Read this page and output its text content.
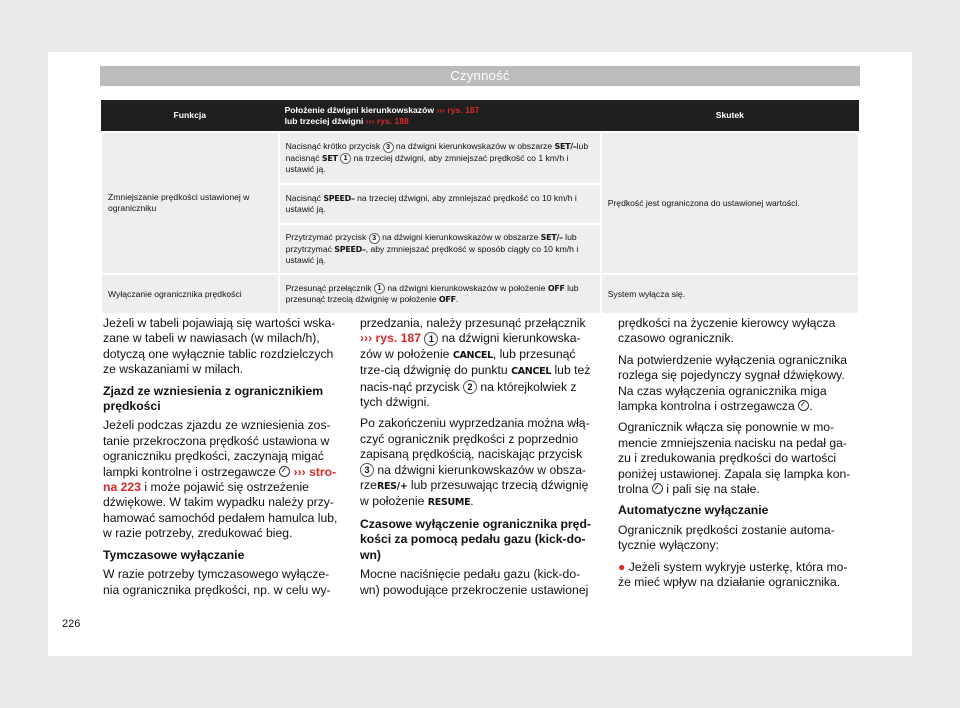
Czynność
Funkcja	Położenie dźwigni kierunkowskazów ››› rys. 187
lub trzeciej dźwigni ››› rys. 188	Skutek
Zmniejszanie prędkości ustawionej w ograniczniku	Nacisnąć krótko przycisk 3 na dźwigni kierunkowskazów w obszarze SET/–lub nacisnąć SET 1 na trzeciej dźwigni, aby zmniejszać prędkość co 1 km/h i ustawić ją.	Prędkość jest ograniczona do ustawionej wartości.
	Nacisnąć SPEED– na trzeciej dźwigni, aby zmniejszać prędkość co 10 km/h i ustawić ją.	
	Przytrzymać przycisk 3 na dźwigni kierunkowskazów w obszarze SET/– lub przytrzymać SPEED–, aby zmniejszać prędkość w sposób ciągły co 10 km/h i ustawić ją.	
Wyłączanie ogranicznika prędkości	Przesunąć przełącznik 1 na dźwigni kierunkowskazów w położenie OFF lub przesunąć trzecią dźwignię w położenie OFF.	System wyłącza się.

Jeżeli w tabeli pojawiają się wartości wska-zane w tabeli w nawiasach (w milach/h), dotyczą one wyłącznie tablic rozdzielczych ze wskazaniami w milach.

Zjazd ze wzniesienia z ogranicznikiem prędkości

Jeżeli podczas zjazdu ze wzniesienia zos-tanie przekroczona prędkość ustawiona w ograniczniku prędkości, zaczynają migać lampki kontrolne i ostrzegawcze ››› stro-na 223 i może pojawić się ostrzeżenie dźwiękowe. W takim wypadku należy przy-hamować samochód pedałem hamulca lub, w razie potrzeby, zredukować bieg.

Tymczasowe wyłączanie

W razie potrzeby tymczasowego wyłącze-nia ogranicznika prędkości, np. w celu wy-

przedzania, należy przesunąć przełącznik ››› rys. 187 1 na dźwigni kierunkowska-zów w położenie CANCEL, lub przesunąć trze-cią dźwignię do punktu CANCEL lub też nacis-nąć przycisk 2 na którejkolwiek z tych dźwigni.

Po zakończeniu wyprzedzania można włą-czyć ogranicznik prędkości z poprzednio zapisaną prędkością, naciskając przycisk 3 na dźwigni kierunkowskazów w obsza-rzeRES/+ lub przesuwając trzecią dźwignię w położenie RESUME.

Czasowe wyłączenie ogranicznika pręd-kości za pomocą pedału gazu (kick-do-wn)

Mocne naciśnięcie pedału gazu (kick-do-wn) powodujące przekroczenie ustawionej

prędkości na życzenie kierowcy wyłącza czasowo ogranicznik.

Na potwierdzenie wyłączenia ogranicznika rozlega się pojedynczy sygnał dźwiękowy. Na czas wyłączenia ogranicznika miga lampka kontrolna i ostrzegawcza .

Ogranicznik włącza się ponownie w mo-mencie zmniejszenia nacisku na pedał ga-zu i zredukowania prędkości do wartości poniżej ustawionej. Zapala się lampka kon-trolna i pali się na stałe.

Automatyczne wyłączanie

Ogranicznik prędkości zostanie automa-tycznie wyłączony:

● Jeżeli system wykryje usterkę, która mo-że mieć wpływ na działanie ogranicznika.

226
